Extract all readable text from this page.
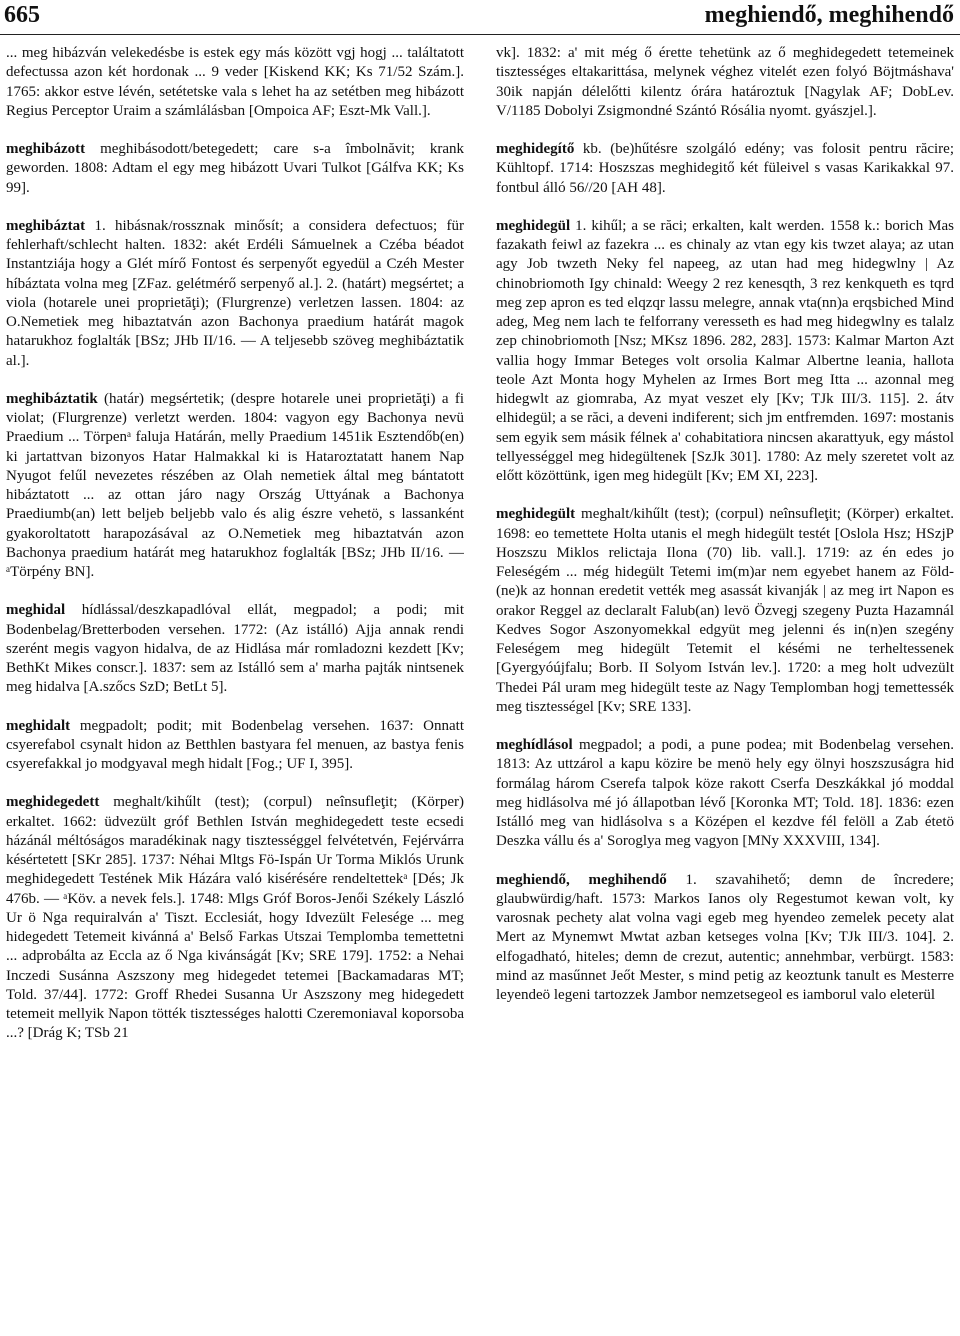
665	meghiendő, meghihendő

... meg hibázván velekedésbe is estek egy más között vgj hogj ... találtatott defectussa azon két hordonak ... 9 veder [Kiskend KK; Ks 71/52 Szám.]. 1765: akkor estve lévén, setétetske vala s lehet ha az setétben meg hibázott Regius Perceptor Uraim a számlálásban [Ompoica AF; Eszt-Mk Vall.].

meghibázott meghibásodott/betegedett; care s-a îmbolnăvit; krank geworden. 1808: Adtam el egy meg hibázott Uvari Tulkot [Gálfva KK; Ks 99].

meghibáztat 1. hibásnak/rossznak minősít; a considera defectuos; für fehlerhaft/schlecht halten. 1832: akét Erdéli Sámuelnek a Czéba béadot Instantziája hogy a Glét mírő Fontost és serpenyőt egyedül a Czéh Mester híbáztata volna meg [ZFaz. gelétmérő serpenyő al.]. 2. (határt) megsértet; a viola (hotarele unei proprietăţi); (Flurgrenze) verletzen lassen. 1804: az O.Nemetiek meg hibaztatván azon Bachonya praedium határát magok hatarukhoz foglalták [BSz; JHb II/16. — A teljesebb szöveg meghibáztatik al.].

meghibáztatik (határ) megsértetik; (despre hotarele unei proprietăţi) a fi violat; (Flurgrenze) verletzt werden. 1804: vagyon egy Bachonya nevü Praedium ... Törpenᵃ faluja Határán, melly Praedium 1451ik Esztendőb(en) ki jartattvan bizonyos Hatar Halmakkal ki is Hataroztatatt hanem Nap Nyugot felűl nevezetes részében az Olah nemetiek által meg bántatott hibáztatott ... az ottan járo nagy Ország Uttyának a Bachonya Praediumb(an) lett beljeb beljebb valo és alig észre vehetö, s lassanként gyakoroltatott harapozásával az O.Nemetiek meg hibaztatván azon Bachonya praedium határát meg hatarukhoz foglalták [BSz; JHb II/16. — ᵃTörpény BN].

meghidal hídlással/deszkapadlóval ellát, megpadol; a podi; mit Bodenbelag/Bretterboden versehen. 1772: (Az istálló) Ajja annak rendi szerént megis vagyon hidalva, de az Hidlása már romladozni kezdett [Kv; BethKt Mikes conscr.]. 1837: sem az Istálló sem a' marha pajták nintsenek meg hidalva [A.szőcs SzD; BetLt 5].

meghidalt megpadolt; podit; mit Bodenbelag versehen. 1637: Onnatt csyerefabol csynalt hidon az Betthlen bastyara fel menuen, az bastya fenis csyerefakkal jo modgyaval megh hidalt [Fog.; UF I, 395].

meghidegedett meghalt/kihűlt (test); (corpul) neînsufleţit; (Körper) erkaltet. 1662: üdvezült gróf Bethlen István meghidegedett teste ecsedi házánál méltóságos maradékinak nagy tisztességgel felvétetvén, Fejérvárra késértetett [SKr 285]. 1737: Néhai Mltgs Fö-Ispán Ur Torma Miklós Urunk meghidegedett Testének Mik Házára való kisérésére rendeltettekᵃ [Dés; Jk 476b. — ᵃKöv. a nevek fels.]. 1748: Mlgs Gróf Boros-Jenői Székely László Ur ö Nga requiralván a' Tiszt. Ecclesiát, hogy Idvezült Felesége ... meg hidegedett Tetemeit kivánná a' Belső Farkas Utszai Templomba temettetni ... adprobálta az Eccla az ő Nga kivánságát [Kv; SRE 179]. 1752: a Nehai Inczedi Susánna Aszszony meg hidegedet tetemei [Backamadaras MT; Told. 37/44]. 1772: Groff Rhedei Susanna Ur Aszszony meg hidegedett tetemeit mellyik Napon tötték tisztességes halotti Czeremoniaval koporsoba ...? [Drág K; TSb 21

vk]. 1832: a' mit még ő érette tehetünk az ő meghidegedett tetemeinek tisztességes eltakarittása, melynek véghez vitelét ezen folyó Böjtmáshava' 30ik napján délelőtti kilentz órára határoztuk [Nagylak AF; DobLev. V/1185 Dobolyi Zsigmondné Szántó Rósália nyomt. gyászjel.].

meghidegítő kb. (be)hűtésre szolgáló edény; vas folosit pentru răcire; Kühltopf. 1714: Hoszszas meghidegitő két füleivel s vasas Karikakkal 97. fontbul álló 56//20 [AH 48].

meghidegül 1. kihűl; a se răci; erkalten, kalt werden. 1558 k.: borich Mas fazakath feiwl az fazekra ... es chinaly az vtan egy kis twzet alaya; az utan agy Job twzeth Neky fel napeeg, az utan had meg hidegwlny | Az chinobriomoth Igy chinald: Weegy 2 rez kenesqth, 3 rez kenkqueth es tqrd meg zep apron es ted elqzqr lassu melegre, annak vta(nn)a erqsbiched Mind adeg, Meg nem lach te felforrany veresseth es had meg hidegwlny es talalz zep chinobriomoth [Nsz; MKsz 1896. 282, 283]. 1573: Kalmar Marton Azt vallia hogy Immar Beteges volt orsolia Kalmar Albertne leania, hallota teole Azt Monta hogy Myhelen az Irmes Bort meg Itta ... azonnal meg hidegwlt az giomraba, Az myat veszet ely [Kv; TJk III/3. 115]. 2. átv elhidegül; a se răci, a deveni indiferent; sich jm entfremden. 1697: mostanis sem egyik sem másik félnek a' cohabitatiora nincsen akarattyuk, egy mástol tellyességgel meg hidegültenek [SzJk 301]. 1780: Az mely szeretet volt az előtt közöttünk, igen meg hidegült [Kv; EM XI, 223].

meghidegült meghalt/kihűlt (test); (corpul) neînsufleţit; (Körper) erkaltet. 1698: eo temettete Holta utanis el megh hidegült testét [Oslola Hsz; HSzjP Hoszszu Miklos relictaja Ilona (70) lib. vall.]. 1719: az én edes jo Feleségém ... még hidegült Tetemi im(m)ar nem egyebet hanem az Föld-(ne)k az honnan eredetit vették meg asassát kivanják | az meg irt Napon es orakor Reggel az declaralt Falub(an) levö Özvegj szegeny Puzta Hazamnál Kedves Sogor Aszonyomekkal edgyüt meg jelenni és in(n)en szegény Feleségem meg hidegült Tetemit el késémi ne terheltessenek [Gyergyóújfalu; Borb. II Solyom István lev.]. 1720: a meg holt udvezült Thedei Pál uram meg hidegült teste az Nagy Templomban hogj temettessék meg tisztességel [Kv; SRE 133].

meghídlásol megpadol; a podi, a pune podea; mit Bodenbelag versehen. 1813: Az uttzárol a kapu közire be menö hely egy ölnyi hoszszuságra hid formálag három Cserefa talpok köze rakott Cserfa Deszkákkal jó moddal meg hidlásolva mé jó állapotban lévő [Koronka MT; Told. 18]. 1836: ezen Istálló meg van hidlásolva s a Középen el kezdve fél felöll a Zab étetö Deszka vállu és a' Soroglya meg vagyon [MNy XXXVIII, 134].

meghiendő, meghihendő 1. szavahihető; demn de încredere; glaubwürdig/haft. 1573: Markos Ianos oly Regestumot kewan volt, ky varosnak pechety alat volna vagi egeb meg hyendeo zemelek pecety alat Mert az Mynemwt Mwtat azban ketseges volna [Kv; TJk III/3. 104]. 2. elfogadható, hiteles; demn de crezut, autentic; annehmbar, verbürgt. 1583: mind az masűnnet Jeőt Mester, s mind petig az keoztunk tanult es Mesterre leyendeö legeni tartozzek Jambor nemzetsegeol es iamborul valo eleterül
